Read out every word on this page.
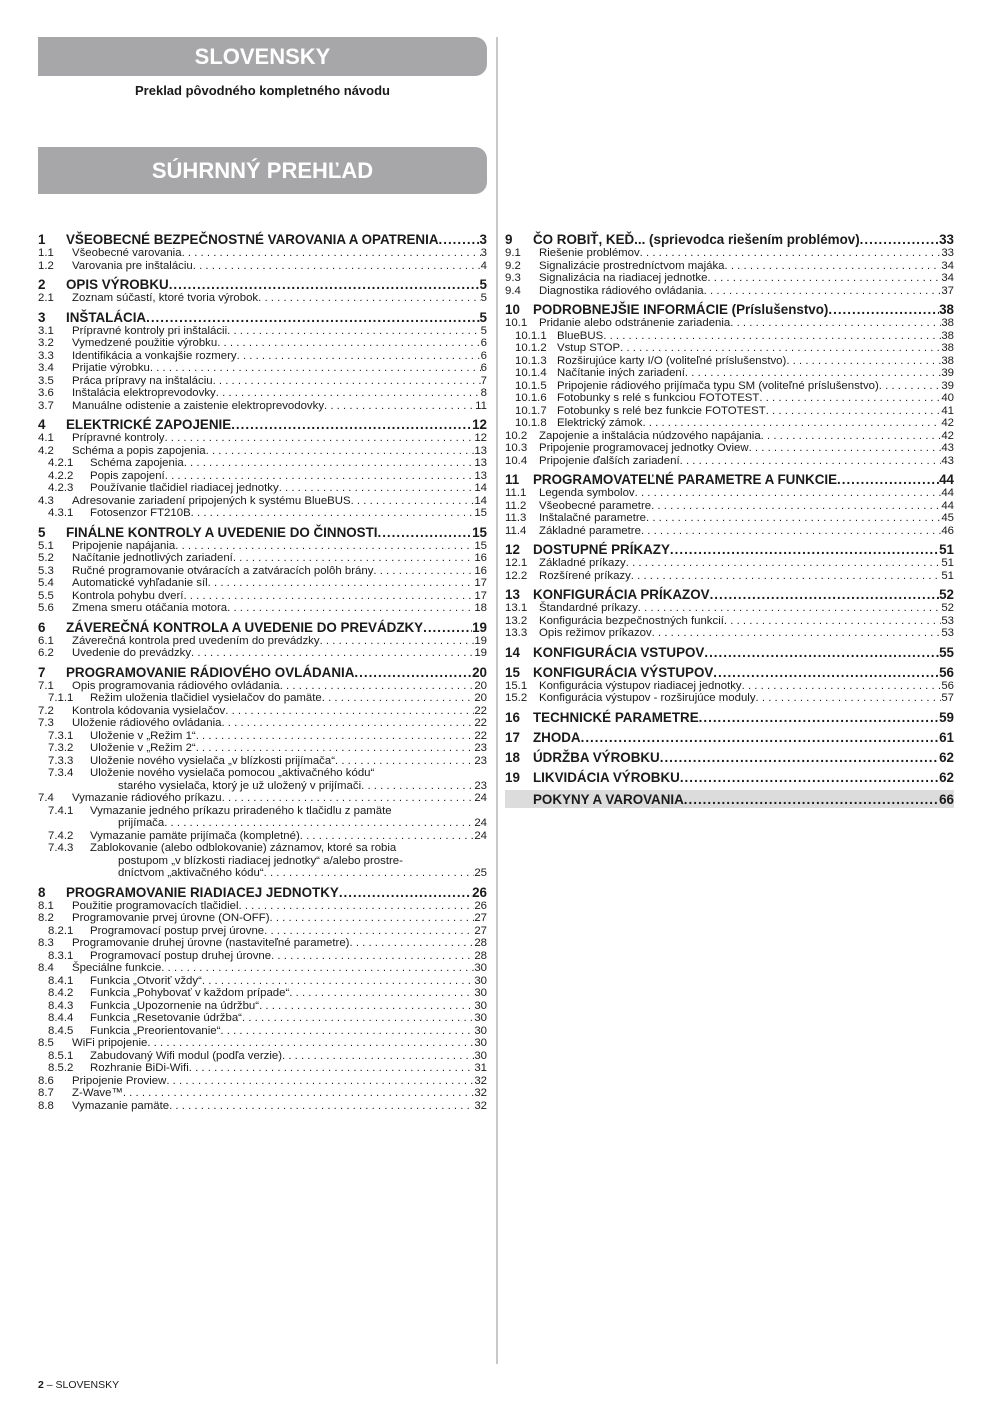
SLOVENSKY
Preklad pôvodného kompletného návodu
SÚHRNNÝ PREHĽAD
1	VŠEOBECNÉ BEZPEČNOSTNÉ VAROVANIA A OPATRENIA .....	3
1.1	Všeobecné varovania . . .	3
1.2	Varovania pre inštaláciu . . .	4
2	OPIS VÝROBKU .....	5
2.1	Zoznam súčastí, ktoré tvoria výrobok . . .	5
3	INŠTALÁCIA .....	5
3.1	Prípravné kontroly pri inštalácii . . .	5
3.2	Vymedzené použitie výrobku . . .	6
3.3	Identifikácia a vonkajšie rozmery . . .	6
3.4	Prijatie výrobku . . .	6
3.5	Práca prípravy na inštaláciu . . .	7
3.6	Inštalácia elektroprevodovky . . .	8
3.7	Manuálne odistenie a zaistenie elektroprevodovky . . .	11
4	ELEKTRICKÉ ZAPOJENIE .....	12
4.1	Prípravné kontroly . . .	12
4.2	Schéma a popis zapojenia . . .	13
4.2.1	Schéma zapojenia . . .	13
4.2.2	Popis zapojení . . .	13
4.2.3	Používanie tlačidiel riadiacej jednotky . . .	14
4.3	Adresovanie zariadení pripojených k systému BlueBUS . . .	14
4.3.1	Fotosenzor FT210B . . .	15
5	FINÁLNE KONTROLY A UVEDENIE DO ČINNOSTI .....	15
5.1	Pripojenie napájania . . .	15
5.2	Načítanie jednotlivých zariadení . . .	16
5.3	Ručné programovanie otváracích a zatváracích polôh brány . . .	16
5.4	Automatické vyhľadanie síl . . .	17
5.5	Kontrola pohybu dverí . . .	17
5.6	Zmena smeru otáčania motora . . .	18
6	ZÁVEREČNÁ KONTROLA A UVEDENIE DO PREVÁDZKY .....	19
6.1	Záverečná kontrola pred uvedením do prevádzky . . .	19
6.2	Uvedenie do prevádzky . . .	19
7	PROGRAMOVANIE RÁDIOVÉHO OVLÁDANIA .....	20
7.1	Opis programovania rádiového ovládania . . .	20
7.1.1	Režim uloženia tlačidiel vysielačov do pamäte . . .	20
7.2	Kontrola kódovania vysielačov . . .	22
7.3	Uloženie rádiového ovládania . . .	22
7.3.1	Uloženie v „Režim 1“ . . .	22
7.3.2	Uloženie v „Režim 2“ . . .	23
7.3.3	Uloženie nového vysielača „v blízkosti prijímača“ . . .	23
7.3.4	Uloženie nového vysielača pomocou „aktivačného kódu“
starého vysielača, ktorý je už uložený v prijímači . . .	23
7.4	Vymazanie rádiového príkazu . . .	24
7.4.1	Vymazanie jedného príkazu priradeného k tlačidlu z pamäte
prijímača . . .	24
7.4.2	Vymazanie pamäte prijímača (kompletné) . . .	24
7.4.3	Zablokovanie (alebo odblokovanie) záznamov, ktoré sa robia
postupom „v blízkosti riadiacej jednotky“ a/alebo prostre-
dníctvom „aktivačného kódu“ . . .	25
8	PROGRAMOVANIE RIADIACEJ JEDNOTKY .....	26
8.1	Použitie programovacích tlačidiel . . .	26
8.2	Programovanie prvej úrovne (ON-OFF) . . .	27
8.2.1	Programovací postup prvej úrovne . . .	27
8.3	Programovanie druhej úrovne (nastaviteľné parametre) . . .	28
8.3.1	Programovací postup druhej úrovne . . .	28
8.4	Špeciálne funkcie . . .	30
8.4.1	Funkcia „Otvoriť vždy“ . . .	30
8.4.2	Funkcia „Pohybovať v každom prípade“ . . .	30
8.4.3	Funkcia „Upozornenie na údržbu“ . . .	30
8.4.4	Funkcia „Resetovanie údržba“ . . .	30
8.4.5	Funkcia „Preorientovanie“ . . .	30
8.5	WiFi pripojenie . . .	30
8.5.1	Zabudovaný Wifi modul (podľa verzie) . . .	30
8.5.2	Rozhranie BiDi-Wifi . . .	31
8.6	Pripojenie Proview . . .	32
8.7	Z-Wave™ . . .	32
8.8	Vymazanie pamäte . . .	32
9	ČO ROBIŤ, KEĎ... (sprievodca riešením problémov) .....	33
9.1	Riešenie problémov . . .	33
9.2	Signalizácie prostredníctvom majáka . . .	34
9.3	Signalizácia na riadiacej jednotke . . .	34
9.4	Diagnostika rádiového ovládania . . .	37
10 PODROBNEJŠIE INFORMÁCIE (Príslušenstvo) .....	38
10.1	Pridanie alebo odstránenie zariadenia . . .	38
10.1.1 BlueBUS . . .	38
10.1.2 Vstup STOP . . .	38
10.1.3 Rozširujúce karty I/O (voliteľné príslušenstvo) . . .	38
10.1.4 Načítanie iných zariadení . . .	39
10.1.5 Pripojenie rádiového prijímača typu SM (voliteľné príslušenstvo) . . .	39
10.1.6 Fotobunky s relé s funkciou FOTOTEST . . .	40
10.1.7 Fotobunky s relé bez funkcie FOTOTEST . . .	41
10.1.8 Elektrický zámok . . .	42
10.2	Zapojenie a inštalácia núdzového napájania . . .	42
10.3	Pripojenie programovacej jednotky Oview . . .	43
10.4	Pripojenie ďalších zariadení . . .	43
11	PROGRAMOVATEĽNÉ PARAMETRE A FUNKCIE .....	44
11.1	Legenda symbolov . . .	44
11.2	Všeobecné parametre . . .	44
11.3	Inštalačné parametre . . .	45
11.4	Základné parametre . . .	46
12 DOSTUPNÉ PRÍKAZY .....	51
12.1	Základné príkazy . . .	51
12.2	Rozšírené príkazy . . .	51
13 KONFIGURÁCIA PRÍKAZOV .....	52
13.1	Štandardné príkazy . . .	52
13.2	Konfigurácia bezpečnostných funkcií . . .	53
13.3	Opis režimov príkazov . . .	53
14 KONFIGURÁCIA VSTUPOV .....	55
15 KONFIGURÁCIA VÝSTUPOV .....	56
15.1	Konfigurácia výstupov riadiacej jednotky . . .	56
15.2	Konfigurácia výstupov - rozširujúce moduly . . .	57
16 TECHNICKÉ PARAMETRE .....	59
17 ZHODA .....	61
18 ÚDRŽBA VÝROBKU .....	62
19 LIKVIDÁCIA VÝROBKU .....	62
POKYNY A VAROVANIA .....	66
2 – SLOVENSKY
